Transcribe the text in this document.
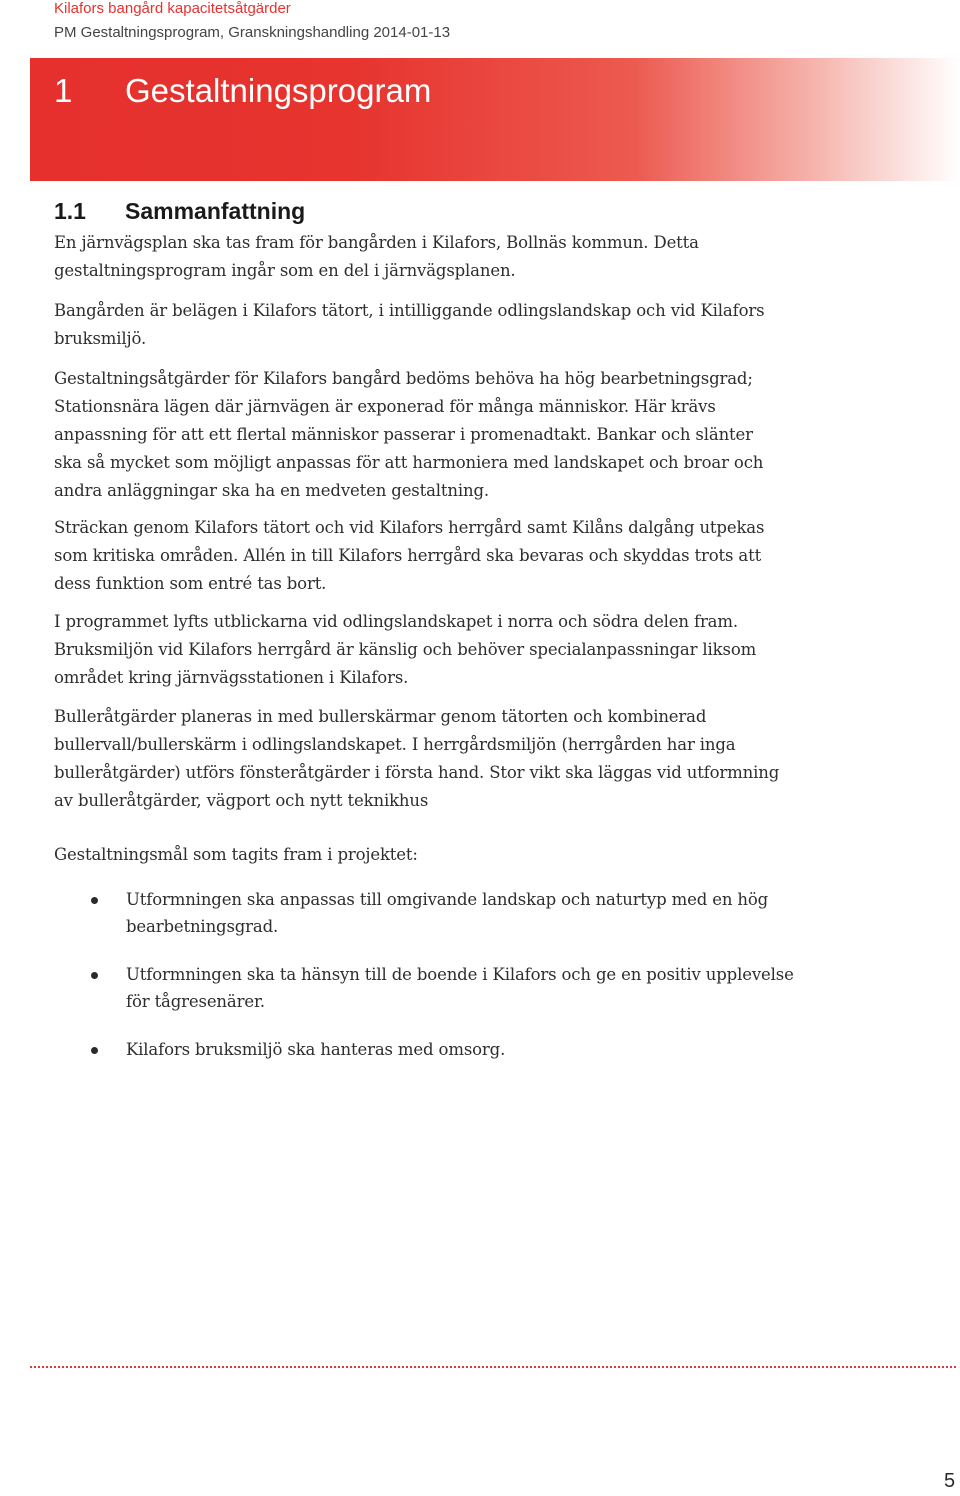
Kilafors bangård kapacitetsåtgärder
PM Gestaltningsprogram, Granskningshandling 2014-01-13
1 Gestaltningsprogram
1.1 Sammanfattning

En järnvägsplan ska tas fram för bangården i Kilafors, Bollnäs kommun. Detta gestaltningsprogram ingår som en del i järnvägsplanen.

Bangården är belägen i Kilafors tätort, i intilliggande odlingslandskap och vid Kilafors bruksmiljö.

Gestaltningsåtgärder för Kilafors bangård bedöms behöva ha hög bearbetningsgrad; Stationsnära lägen där järnvägen är exponerad för många människor. Här krävs anpassning för att ett flertal människor passerar i promenadtakt. Bankar och slänter ska så mycket som möjligt anpassas för att harmoniera med landskapet och broar och andra anläggningar ska ha en medveten gestaltning.

Sträckan genom Kilafors tätort och vid Kilafors herrgård samt Kilåns dalgång utpekas som kritiska områden. Allén in till Kilafors herrgård ska bevaras och skyddas trots att dess funktion som entré tas bort.

I programmet lyfts utblickarna vid odlingslandskapet i norra och södra delen fram. Bruksmiljön vid Kilafors herrgård är känslig och behöver specialanpassningar liksom området kring järnvägsstationen i Kilafors.

Bulleråtgärder planeras in med bullerskärmar genom tätorten och kombinerad bullervall/bullerskärm i odlingslandskapet. I herrgårdsmiljön (herrgården har inga bulleråtgärder) utförs fönsteråtgärder i första hand. Stor vikt ska läggas vid utformning av bulleråtgärder, vägport och nytt teknikhus

Gestaltningsmål som tagits fram i projektet:

Utformningen ska anpassas till omgivande landskap och naturtyp med en hög bearbetningsgrad.
Utformningen ska ta hänsyn till de boende i Kilafors och ge en positiv upplevelse för tågresenärer.
Kilafors bruksmiljö ska hanteras med omsorg.
5
